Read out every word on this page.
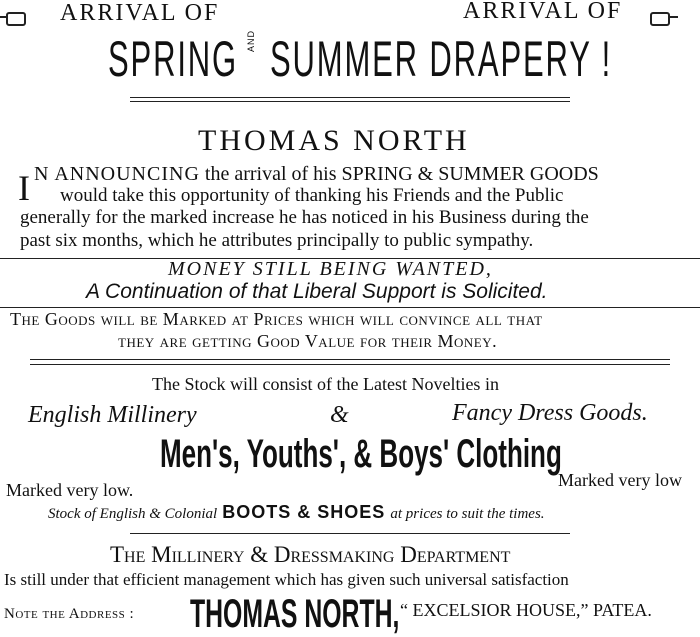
ARRIVAL OF	ARRIVAL OF
SPRING AND SUMMER DRAPERY !
THOMAS NORTH
I N ANNOUNCING the arrival of his SPRING & SUMMER GOODS
would take this opportunity of thanking his Friends and the Public
generally for the marked increase he has noticed in his Business during the
past six months, which he attributes principally to public sympathy.
MONEY STILL BEING WANTED,
A Continuation of that Liberal Support is Solicited.
The Goods will be Marked at Prices which will convince all that
they are getting Good Value for their Money.
The Stock will consist of the Latest Novelties in
English Millinery	&	Fancy Dress Goods.
Men's, Youths', & Boys' Clothing
Marked very low.	Marked very low
Stock of English & Colonial BOOTS & SHOES at prices to suit the times.
The Millinery & Dressmaking Department
Is still under that efficient management which has given such universal satisfaction
Note the Address : THOMAS NORTH, “ EXCELSIOR HOUSE,” PATEA.
